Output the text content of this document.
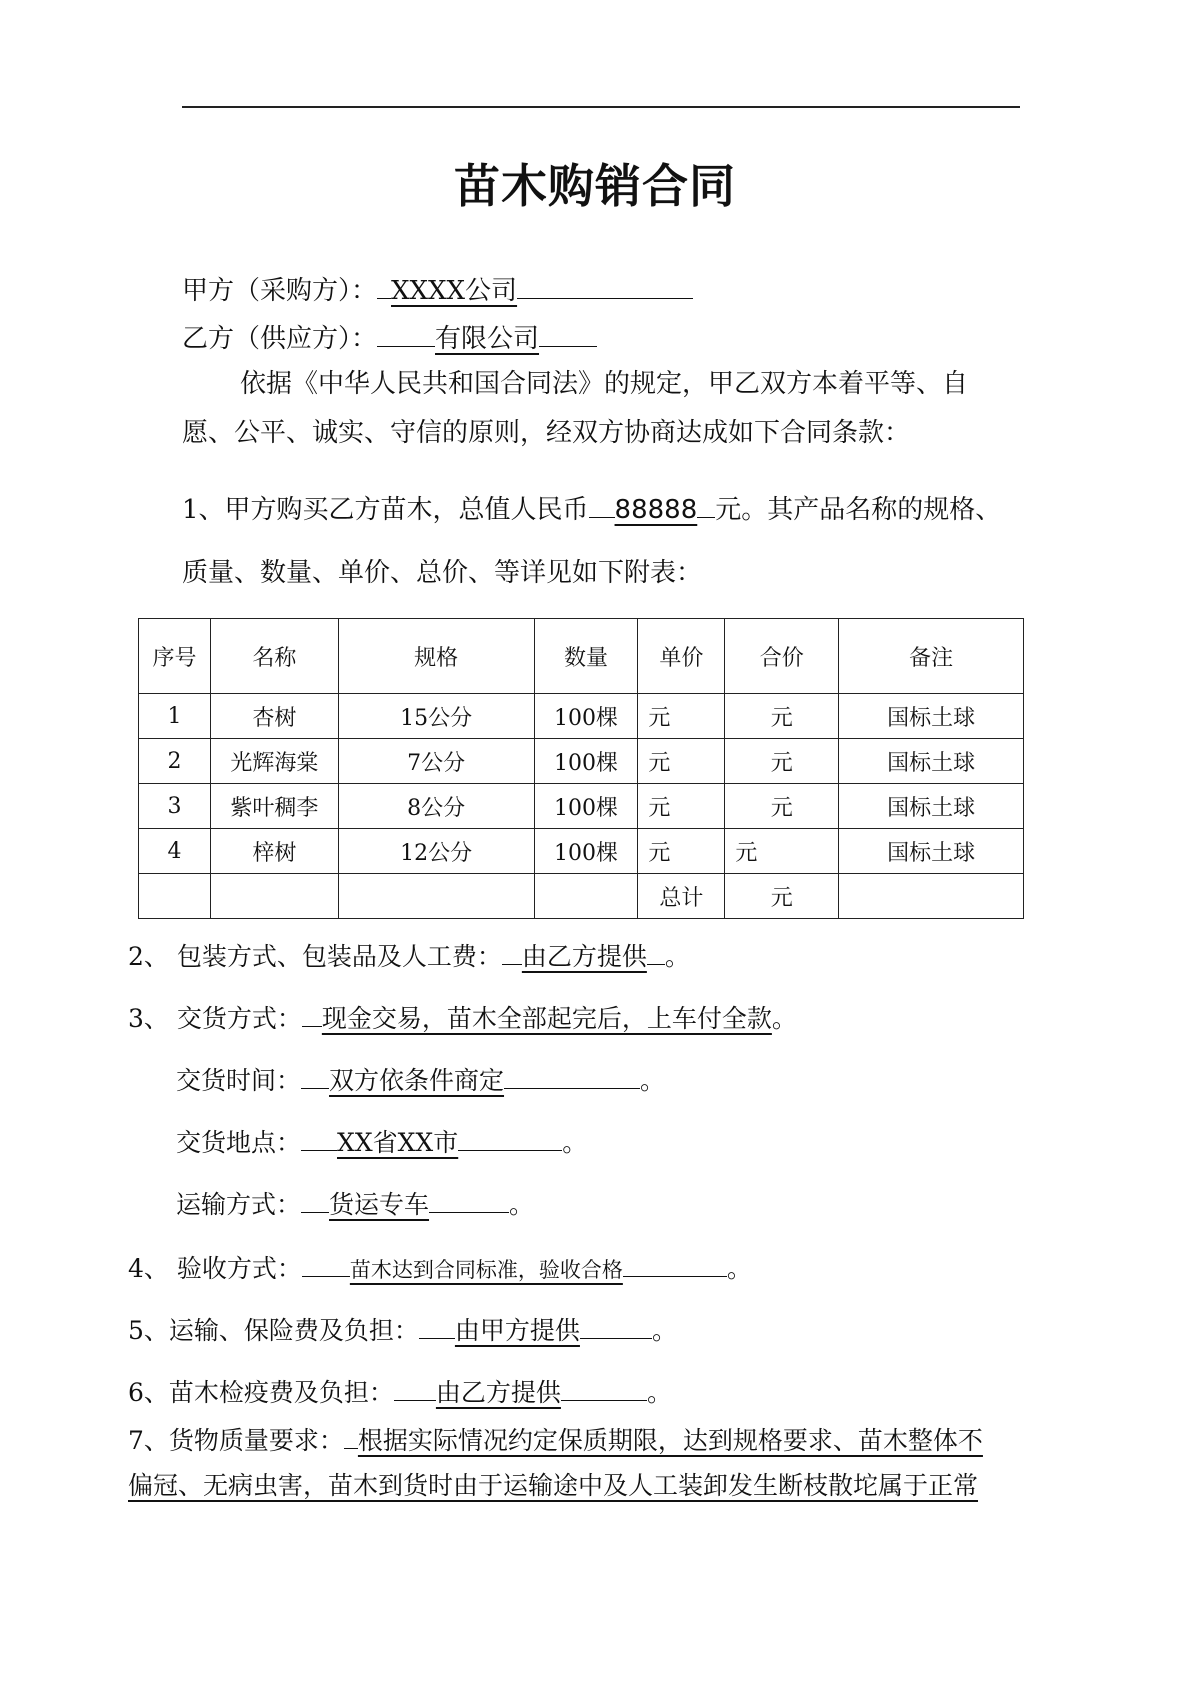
苗木购销合同
甲方（采购方）： XXXX公司
乙方（供应方）： 有限公司
依据《中华人民共和国合同法》的规定，甲乙双方本着平等、自
愿、公平、诚实、守信的原则，经双方协商达成如下合同条款：
1、甲方购买乙方苗木，总值人民币 88888 元。其产品名称的规格、
质量、数量、单价、总价、等详见如下附表：
序号	名称	规格	数量	单价	合价	备注
1	杏树	15公分	100棵	元	元	国标土球
2	光辉海棠	7公分	100棵	元	元	国标土球
3	紫叶稠李	8公分	100棵	元	元	国标土球
4	梓树	12公分	100棵	元	元	国标土球
				总计	元	
2、 包装方式、包装品及人工费： 由乙方提供 。
3、 交货方式： 现金交易，苗木全部起完后，上车付全款。
交货时间： 双方依条件商定	。
交货地点： XX省XX市	。
运输方式： 货运专车	。
4、 验收方式： 苗木达到合同标准，验收合格	。
5、运输、保险费及负担： 由甲方提供	。
6、苗木检疫费及负担： 由乙方提供	。
7、货物质量要求： 根据实际情况约定保质期限，达到规格要求、苗木整体不
偏冠、无病虫害，苗木到货时由于运输途中及人工装卸发生断枝散坨属于正常
